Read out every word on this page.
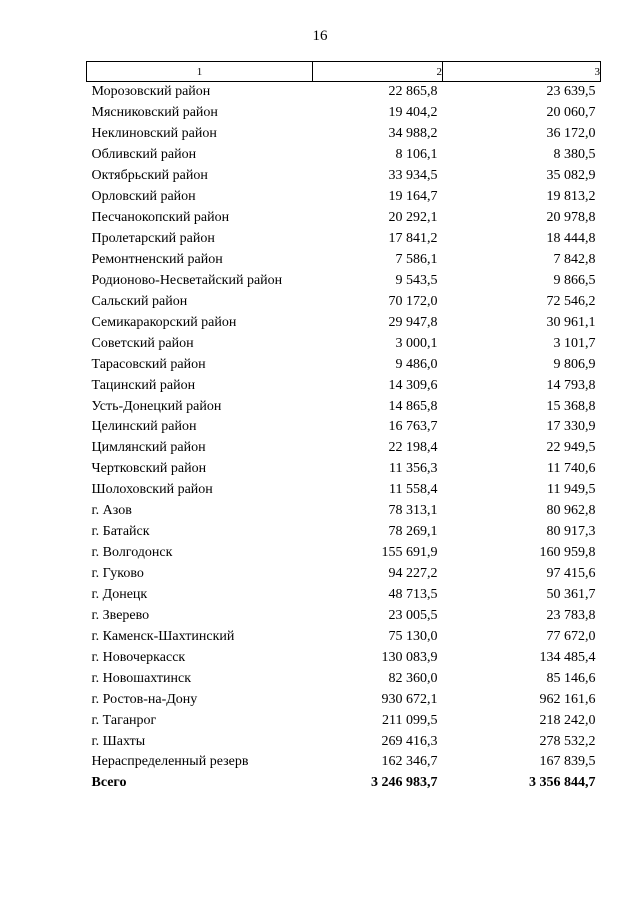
16
1	2	3
Морозовский район	22 865,8	23 639,5
Мясниковский район	19 404,2	20 060,7
Неклиновский район	34 988,2	36 172,0
Обливский район	8 106,1	8 380,5
Октябрьский район	33 934,5	35 082,9
Орловский район	19 164,7	19 813,2
Песчанокопский район	20 292,1	20 978,8
Пролетарский район	17 841,2	18 444,8
Ремонтненский район	7 586,1	7 842,8
Родионово-Несветайский район	9 543,5	9 866,5
Сальский район	70 172,0	72 546,2
Семикаракорский район	29 947,8	30 961,1
Советский район	3 000,1	3 101,7
Тарасовский район	9 486,0	9 806,9
Тацинский район	14 309,6	14 793,8
Усть-Донецкий район	14 865,8	15 368,8
Целинский район	16 763,7	17 330,9
Цимлянский район	22 198,4	22 949,5
Чертковский район	11 356,3	11 740,6
Шолоховский район	11 558,4	11 949,5
г. Азов	78 313,1	80 962,8
г. Батайск	78 269,1	80 917,3
г. Волгодонск	155 691,9	160 959,8
г. Гуково	94 227,2	97 415,6
г. Донецк	48 713,5	50 361,7
г. Зверево	23 005,5	23 783,8
г. Каменск-Шахтинский	75 130,0	77 672,0
г. Новочеркасск	130 083,9	134 485,4
г. Новошахтинск	82 360,0	85 146,6
г. Ростов-на-Дону	930 672,1	962 161,6
г. Таганрог	211 099,5	218 242,0
г. Шахты	269 416,3	278 532,2
Нераспределенный резерв	162 346,7	167 839,5
Всего	3 246 983,7	3 356 844,7
